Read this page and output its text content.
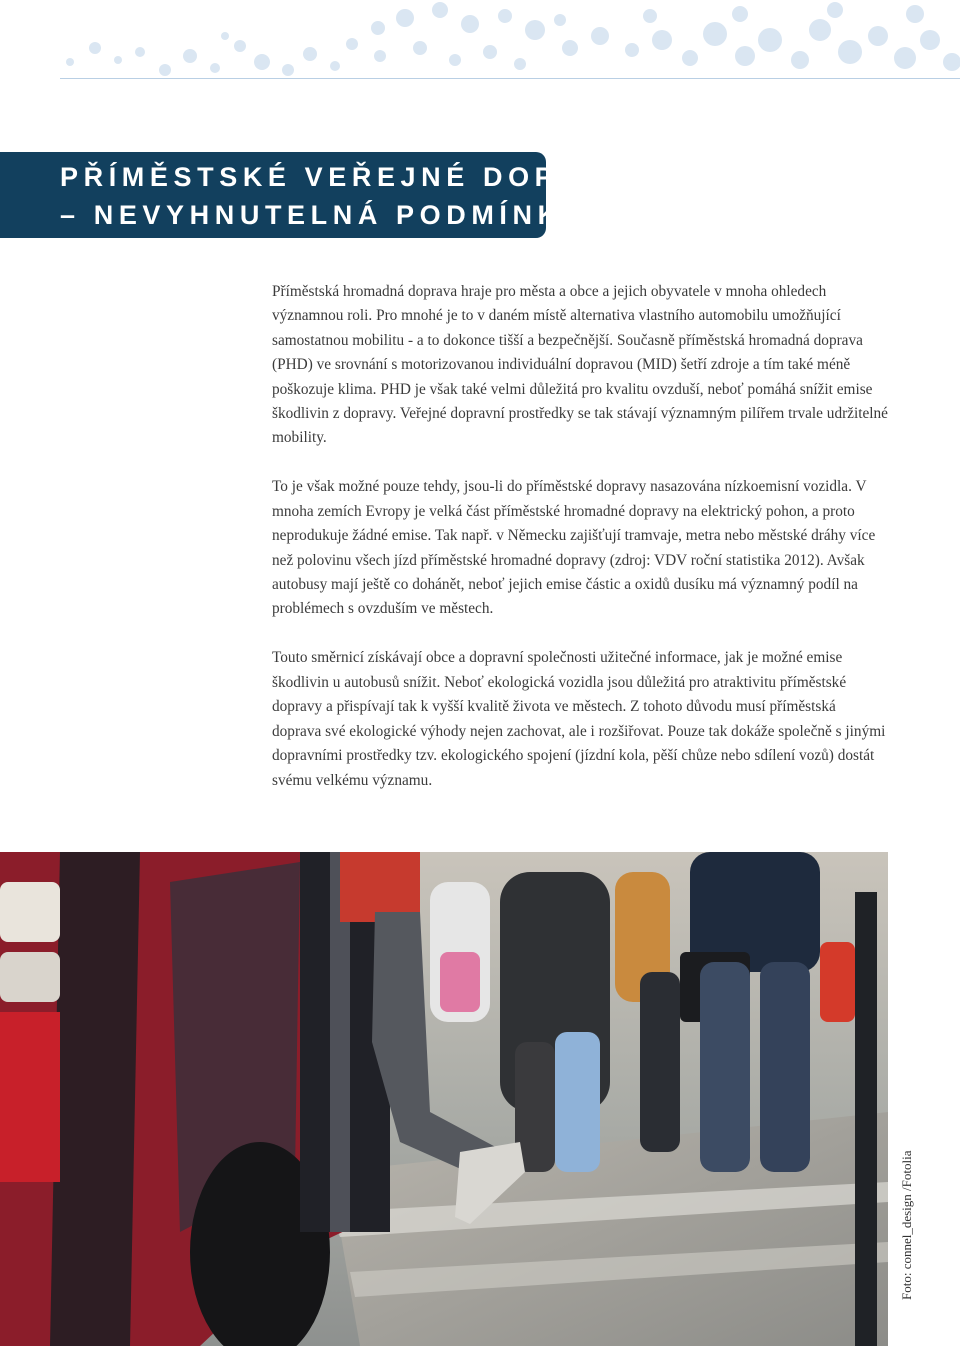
PŘÍMĚSTSKÉ VEŘEJNÉ DOPRAVY
– NEVYHNUTELNÁ PODMÍNKA

Příměstská hromadná doprava hraje pro města a obce a jejich obyvatele v mnoha ohledech významnou roli. Pro mnohé je to v daném místě alternativa vlastního automobilu umožňující samostatnou mobilitu - a to dokonce tišší a bezpečnější. Současně příměstská hromadná doprava (PHD) ve srovnání s motorizovanou individuální dopravou (MID) šetří zdroje a tím také méně poškozuje klima. PHD je však také velmi důležitá pro kvalitu ovzduší, neboť pomáhá snížit emise škodlivin z dopravy. Veřejné dopravní prostředky se tak stávají významným pilířem trvale udržitelné mobility.

To je však možné pouze tehdy, jsou-li do příměstské dopravy nasazována nízkoemisní vozidla. V mnoha zemích Evropy je velká část příměstské hromadné dopravy na elektrický pohon, a proto neprodukuje žádné emise. Tak např. v Německu zajišťují tramvaje, metra nebo městské dráhy více než polovinu všech jízd příměstské hromadné dopravy (zdroj: VDV roční statistika 2012). Avšak autobusy mají ještě co dohánět, neboť jejich emise částic a oxidů dusíku má významný podíl na problémech s ovzduším ve městech.

Touto směrnicí získávají obce a dopravní společnosti užitečné informace, jak je možné emise škodlivin u autobusů snížit. Neboť ekologická vozidla jsou důležitá pro atraktivitu příměstské dopravy a přispívají tak k vyšší kvalitě života ve městech. Z tohoto důvodu musí příměstská doprava své ekologické výhody nejen zachovat, ale i rozšiřovat. Pouze tak dokáže společně s jinými dopravními prostředky tzv. ekologického spojení (jízdní kola, pěší chůze nebo sdílení vozů) dostát svému velkému významu.

Foto: connel_design /Fotolia
